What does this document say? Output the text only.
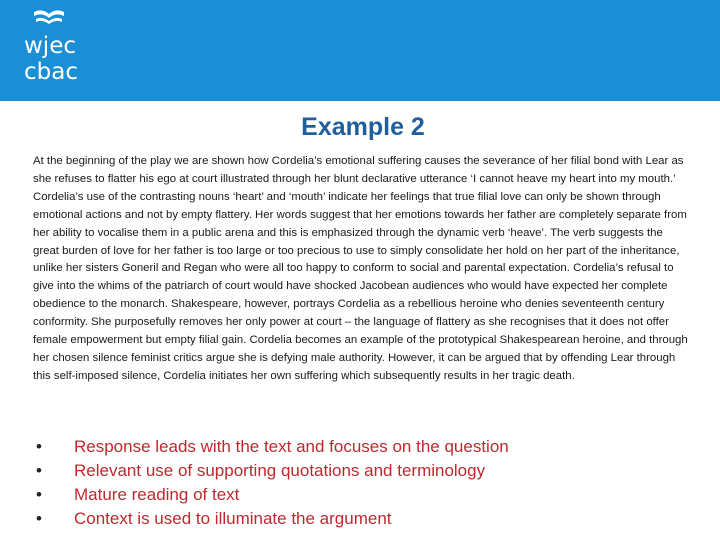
wjec
cbac
Example 2

At the beginning of the play we are shown how Cordelia’s emotional suffering causes the severance of her filial bond with Lear as she refuses to flatter his ego at court illustrated through her blunt declarative utterance ‘I cannot heave my heart into my mouth.’ Cordelia’s use of the contrasting nouns ‘heart’ and ‘mouth’ indicate her feelings that true filial love can only be shown through emotional actions and not by empty flattery. Her words suggest that her emotions towards her father are completely separate from her ability to vocalise them in a public arena and this is emphasized through the dynamic verb ‘heave’. The verb suggests the great burden of love for her father is too large or too precious to use to simply consolidate her hold on her part of the inheritance, unlike her sisters Goneril and Regan who were all too happy to conform to social and parental expectation. Cordelia’s refusal to give into the whims of the patriarch of court would have shocked Jacobean audiences who would have expected her complete obedience to the monarch. Shakespeare, however, portrays Cordelia as a rebellious heroine who denies seventeenth century conformity. She purposefully removes her only power at court – the language of flattery as she recognises that it does not offer female empowerment but empty filial gain. Cordelia becomes an example of the prototypical Shakespearean heroine, and through her chosen silence feminist critics argue she is defying male authority. However, it can be argued that by offending Lear through this self-imposed silence, Cordelia initiates her own suffering which subsequently results in her tragic death.

• Response leads with the text and focuses on the question
• Relevant use of supporting quotations and terminology
• Mature reading of text
• Context is used to illuminate the argument
